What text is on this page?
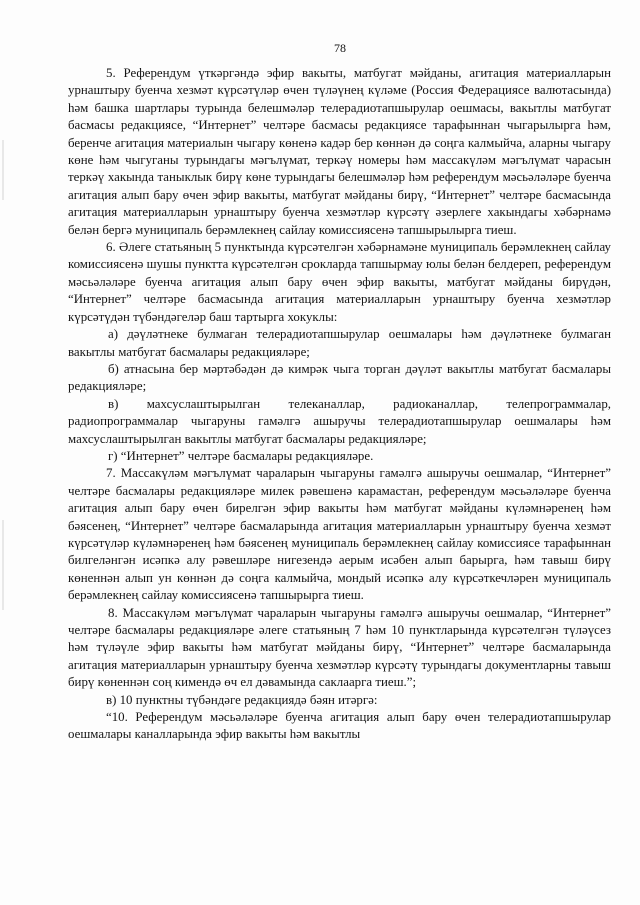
78

5. Референдум үткәргәндә эфир вакыты, матбугат мәйданы, агитация материалларын урнаштыру буенча хезмәт күрсәтүләр өчен түләүнең күләме (Россия Федерациясе валютасында) һәм башка шартлары турында белешмәләр телерадиотапшырулар оешмасы, вакытлы матбугат басмасы редакциясе, “Интернет” челтәре басмасы редакциясе тарафыннан чыгарылырга һәм, беренче агитация материалын чыгару көненә кадәр бер көннән дә соңга калмыйча, аларны чыгару көне һәм чыгуганы турындагы мәгълүмат, теркәү номеры һәм массакүләм мәгълүмат чарасын теркәү хакында таныклык бирү көне турындагы белешмәләр һәм референдум мәсьәләләре буенча агитация алып бару өчен эфир вакыты, матбугат мәйданы бирү, “Интернет” челтәре басмасында агитация материалларын урнаштыру буенча хезмәтләр күрсәтү әзерлеге хакындагы хәбәрнамә белән бергә муниципаль берәмлекнең сайлау комиссиясенә тапшырылырга тиеш.

6. Әлеге статьяның 5 пунктында күрсәтелгән хәбәрнамәне муниципаль берәмлекнең сайлау комиссиясенә шушы пунктта күрсәтелгән срокларда тапшырмау юлы белән белдереп, референдум мәсьәләләре буенча агитация алып бару өчен эфир вакыты, матбугат мәйданы бирүдән, “Интернет” челтәре басмасында агитация материалларын урнаштыру буенча хезмәтләр күрсәтүдән түбәндәгеләр баш тартырга хокуклы:

а) дәүләтнеке булмаган телерадиотапшырулар оешмалары һәм дәүләтнеке булмаган вакытлы матбугат басмалары редакцияләре;

б) атнасына бер мәртәбәдән дә кимрәк чыга торган дәүләт вакытлы матбугат басмалары редакцияләре;

в) махсуслаштырылган телеканаллар, радиоканаллар, телепрограммалар, радиопрограммалар чыгаруны гамәлгә ашыручы телерадиотапшырулар оешмалары һәм махсуслаштырылган вакытлы матбугат басмалары редакцияләре;

г) “Интернет” челтәре басмалары редакцияләре.

7. Массакүләм мәгълүмат чараларын чыгаруны гамәлгә ашыручы оешмалар, “Интернет” челтәре басмалары редакцияләре милек рәвешенә карамастан, референдум мәсьәләләре буенча агитация алып бару өчен бирелгән эфир вакыты һәм матбугат мәйданы күләмнәренең һәм бәясенең, “Интернет” челтәре басмаларында агитация материалларын урнаштыру буенча хезмәт күрсәтүләр күләмнәренең һәм бәясенең муниципаль берәмлекнең сайлау комиссиясе тарафыннан билгеләнгән исәпкә алу рәвешләре нигезендә аерым исәбен алып барырга, һәм тавыш бирү көненнән алып ун көннән дә соңга калмыйча, мондый исәпкә алу күрсәткечләрен муниципаль берәмлекнең сайлау комиссиясенә тапшырырга тиеш.

8. Массакүләм мәгълүмат чараларын чыгаруны гамәлгә ашыручы оешмалар, “Интернет” челтәре басмалары редакцияләре әлеге статьяның 7 һәм 10 пунктларында күрсәтелгән түләүсез һәм түләүле эфир вакыты һәм матбугат мәйданы бирү, “Интернет” челтәре басмаларында агитация материалларын урнаштыру буенча хезмәтләр күрсәтү турындагы документларны тавыш бирү көненнән соң кимендә өч ел дәвамында саклаарга тиеш.”;

в) 10 пунктны түбәндәге редакциядә бәян итәргә:

“10. Референдум мәсьәләләре буенча агитация алып бару өчен телерадиотапшырулар оешмалары каналларында эфир вакыты һәм вакытлы
